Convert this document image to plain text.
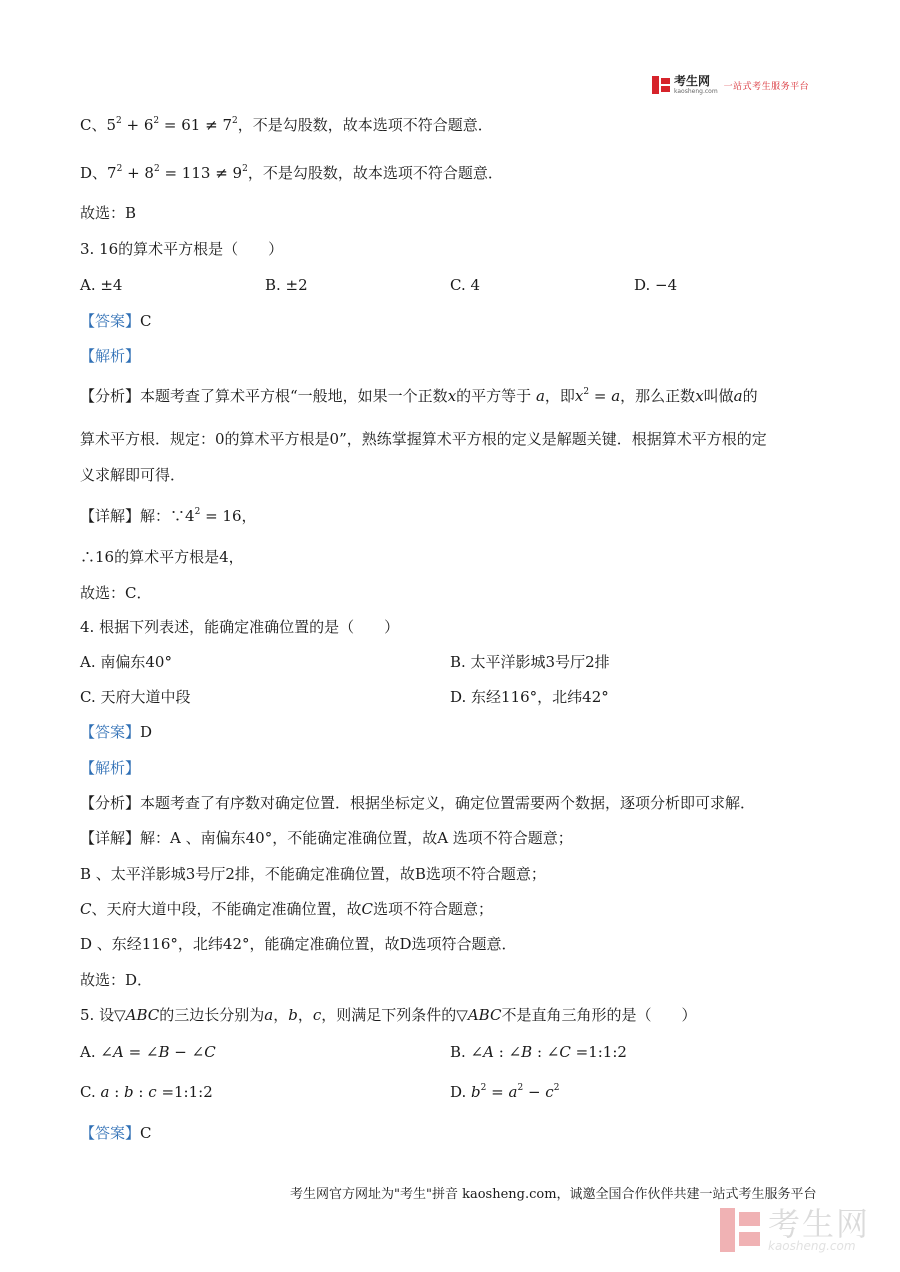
考生网
kaosheng.com 一站式考生服务平台
C、$5^2 + 6^2 = 61 \ne 7^2$，不是勾股数，故本选项不符合题意．
D、$7^2 + 8^2 = 113 \ne 9^2$，不是勾股数，故本选项不符合题意．
故选：B
3. 16的算术平方根是（　　）
A. ±4	B. ±2	C. 4	D. −4
【答案】C
【解析】
【分析】本题考查了算术平方根“一般地，如果一个正数x的平方等于 a，即$x^2 = a$，那么正数x叫做a的
算术平方根．规定：0的算术平方根是0”，熟练掌握算术平方根的定义是解题关键．根据算术平方根的定
义求解即可得．
【详解】解：$\because 4^2 = 16$，
∴16的算术平方根是4，
故选：C．
4. 根据下列表述，能确定准确位置的是（　　）
A. 南偏东40°	B. 太平洋影城3号厅2排
C. 天府大道中段	D. 东经116°，北纬42°
【答案】D
【解析】
【分析】本题考查了有序数对确定位置．根据坐标定义，确定位置需要两个数据，逐项分析即可求解．
【详解】解：A 、南偏东40°，不能确定准确位置，故A 选项不符合题意；
B 、太平洋影城3号厅2排，不能确定准确位置，故B选项不符合题意；
C、天府大道中段，不能确定准确位置，故C选项不符合题意；
D 、东经116°，北纬42°，能确定准确位置，故D选项符合题意．
故选：D．
5. 设▽ABC的三边长分别为a，b，c，则满足下列条件的▽ABC不是直角三角形的是（　　）
A. ∠A = ∠B − ∠C	B. ∠A : ∠B : ∠C =1:1:2
C. a : b : c =1:1:2	D. $b^2 = a^2 - c^2$
【答案】C
考生网官方网址为"考生"拼音 kaosheng.com，诚邀全国合作伙伴共建一站式考生服务平台
考生网
kaosheng.com
